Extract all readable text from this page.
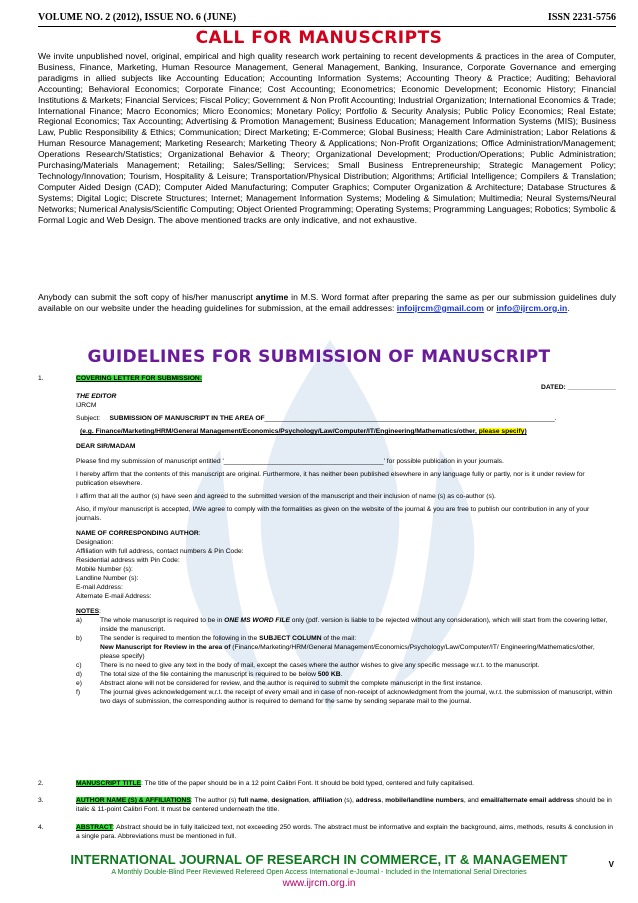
VOLUME NO. 2 (2012), ISSUE NO. 6 (JUNE)	ISSN 2231-5756
CALL FOR MANUSCRIPTS
We invite unpublished novel, original, empirical and high quality research work pertaining to recent developments & practices in the area of Computer, Business, Finance, Marketing, Human Resource Management, General Management, Banking, Insurance, Corporate Governance and emerging paradigms in allied subjects like Accounting Education; Accounting Information Systems; Accounting Theory & Practice; Auditing; Behavioral Accounting; Behavioral Economics; Corporate Finance; Cost Accounting; Econometrics; Economic Development; Economic History; Financial Institutions & Markets; Financial Services; Fiscal Policy; Government & Non Profit Accounting; Industrial Organization; International Economics & Trade; International Finance; Macro Economics; Micro Economics; Monetary Policy; Portfolio & Security Analysis; Public Policy Economics; Real Estate; Regional Economics; Tax Accounting; Advertising & Promotion Management; Business Education; Management Information Systems (MIS); Business Law, Public Responsibility & Ethics; Communication; Direct Marketing; E-Commerce; Global Business; Health Care Administration; Labor Relations & Human Resource Management; Marketing Research; Marketing Theory & Applications; Non-Profit Organizations; Office Administration/Management; Operations Research/Statistics; Organizational Behavior & Theory; Organizational Development; Production/Operations; Public Administration; Purchasing/Materials Management; Retailing; Sales/Selling; Services; Small Business Entrepreneurship; Strategic Management Policy; Technology/Innovation; Tourism, Hospitality & Leisure; Transportation/Physical Distribution; Algorithms; Artificial Intelligence; Compilers & Translation; Computer Aided Design (CAD); Computer Aided Manufacturing; Computer Graphics; Computer Organization & Architecture; Database Structures & Systems; Digital Logic; Discrete Structures; Internet; Management Information Systems; Modeling & Simulation; Multimedia; Neural Systems/Neural Networks; Numerical Analysis/Scientific Computing; Object Oriented Programming; Operating Systems; Programming Languages; Robotics; Symbolic & Formal Logic and Web Design. The above mentioned tracks are only indicative, and not exhaustive.
Anybody can submit the soft copy of his/her manuscript anytime in M.S. Word format after preparing the same as per our submission guidelines duly available on our website under the heading guidelines for submission, at the email addresses: infoijrcm@gmail.com or info@ijrcm.org.in.
GUIDELINES FOR SUBMISSION OF MANUSCRIPT
1.	COVERING LETTER FOR SUBMISSION:
DATED: _____________
THE EDITOR
IJRCM
Subject: SUBMISSION OF MANUSCRIPT IN THE AREA OF______________________________________________________________________________.
(e.g. Finance/Marketing/HRM/General Management/Economics/Psychology/Law/Computer/IT/Engineering/Mathematics/other, please specify)
DEAR SIR/MADAM
Please find my submission of manuscript entitled '___________________________________________' for possible publication in your journals.
I hereby affirm that the contents of this manuscript are original. Furthermore, it has neither been published elsewhere in any language fully or partly, nor is it under review for publication elsewhere.
I affirm that all the author (s) have seen and agreed to the submitted version of the manuscript and their inclusion of name (s) as co-author (s).
Also, if my/our manuscript is accepted, I/We agree to comply with the formalities as given on the website of the journal & you are free to publish our contribution in any of your journals.
NAME OF CORRESPONDING AUTHOR:
Designation:
Affiliation with full address, contact numbers & Pin Code:
Residential address with Pin Code:
Mobile Number (s):
Landline Number (s):
E-mail Address:
Alternate E-mail Address:
NOTES:
a)	The whole manuscript is required to be in ONE MS WORD FILE only (pdf. version is liable to be rejected without any consideration), which will start from the covering letter, inside the manuscript.
b)	The sender is required to mention the following in the SUBJECT COLUMN of the mail:
New Manuscript for Review in the area of (Finance/Marketing/HRM/General Management/Economics/Psychology/Law/Computer/IT/ Engineering/Mathematics/other, please specify)
c)	There is no need to give any text in the body of mail, except the cases where the author wishes to give any specific message w.r.t. to the manuscript.
d)	The total size of the file containing the manuscript is required to be below 500 KB.
e)	Abstract alone will not be considered for review, and the author is required to submit the complete manuscript in the first instance.
f)	The journal gives acknowledgement w.r.t. the receipt of every email and in case of non-receipt of acknowledgment from the journal, w.r.t. the submission of manuscript, within two days of submission, the corresponding author is required to demand for the same by sending separate mail to the journal.
2.	MANUSCRIPT TITLE: The title of the paper should be in a 12 point Calibri Font. It should be bold typed, centered and fully capitalised.
3.	AUTHOR NAME (S) & AFFILIATIONS: The author (s) full name, designation, affiliation (s), address, mobile/landline numbers, and email/alternate email address should be in italic & 11-point Calibri Font. It must be centered underneath the title.
4.	ABSTRACT: Abstract should be in fully italicized text, not exceeding 250 words. The abstract must be informative and explain the background, aims, methods, results & conclusion in a single para. Abbreviations must be mentioned in full.
INTERNATIONAL JOURNAL OF RESEARCH IN COMMERCE, IT & MANAGEMENT
A Monthly Double-Blind Peer Reviewed Refereed Open Access International e-Journal - Included in the International Serial Directories
www.ijrcm.org.in
V
